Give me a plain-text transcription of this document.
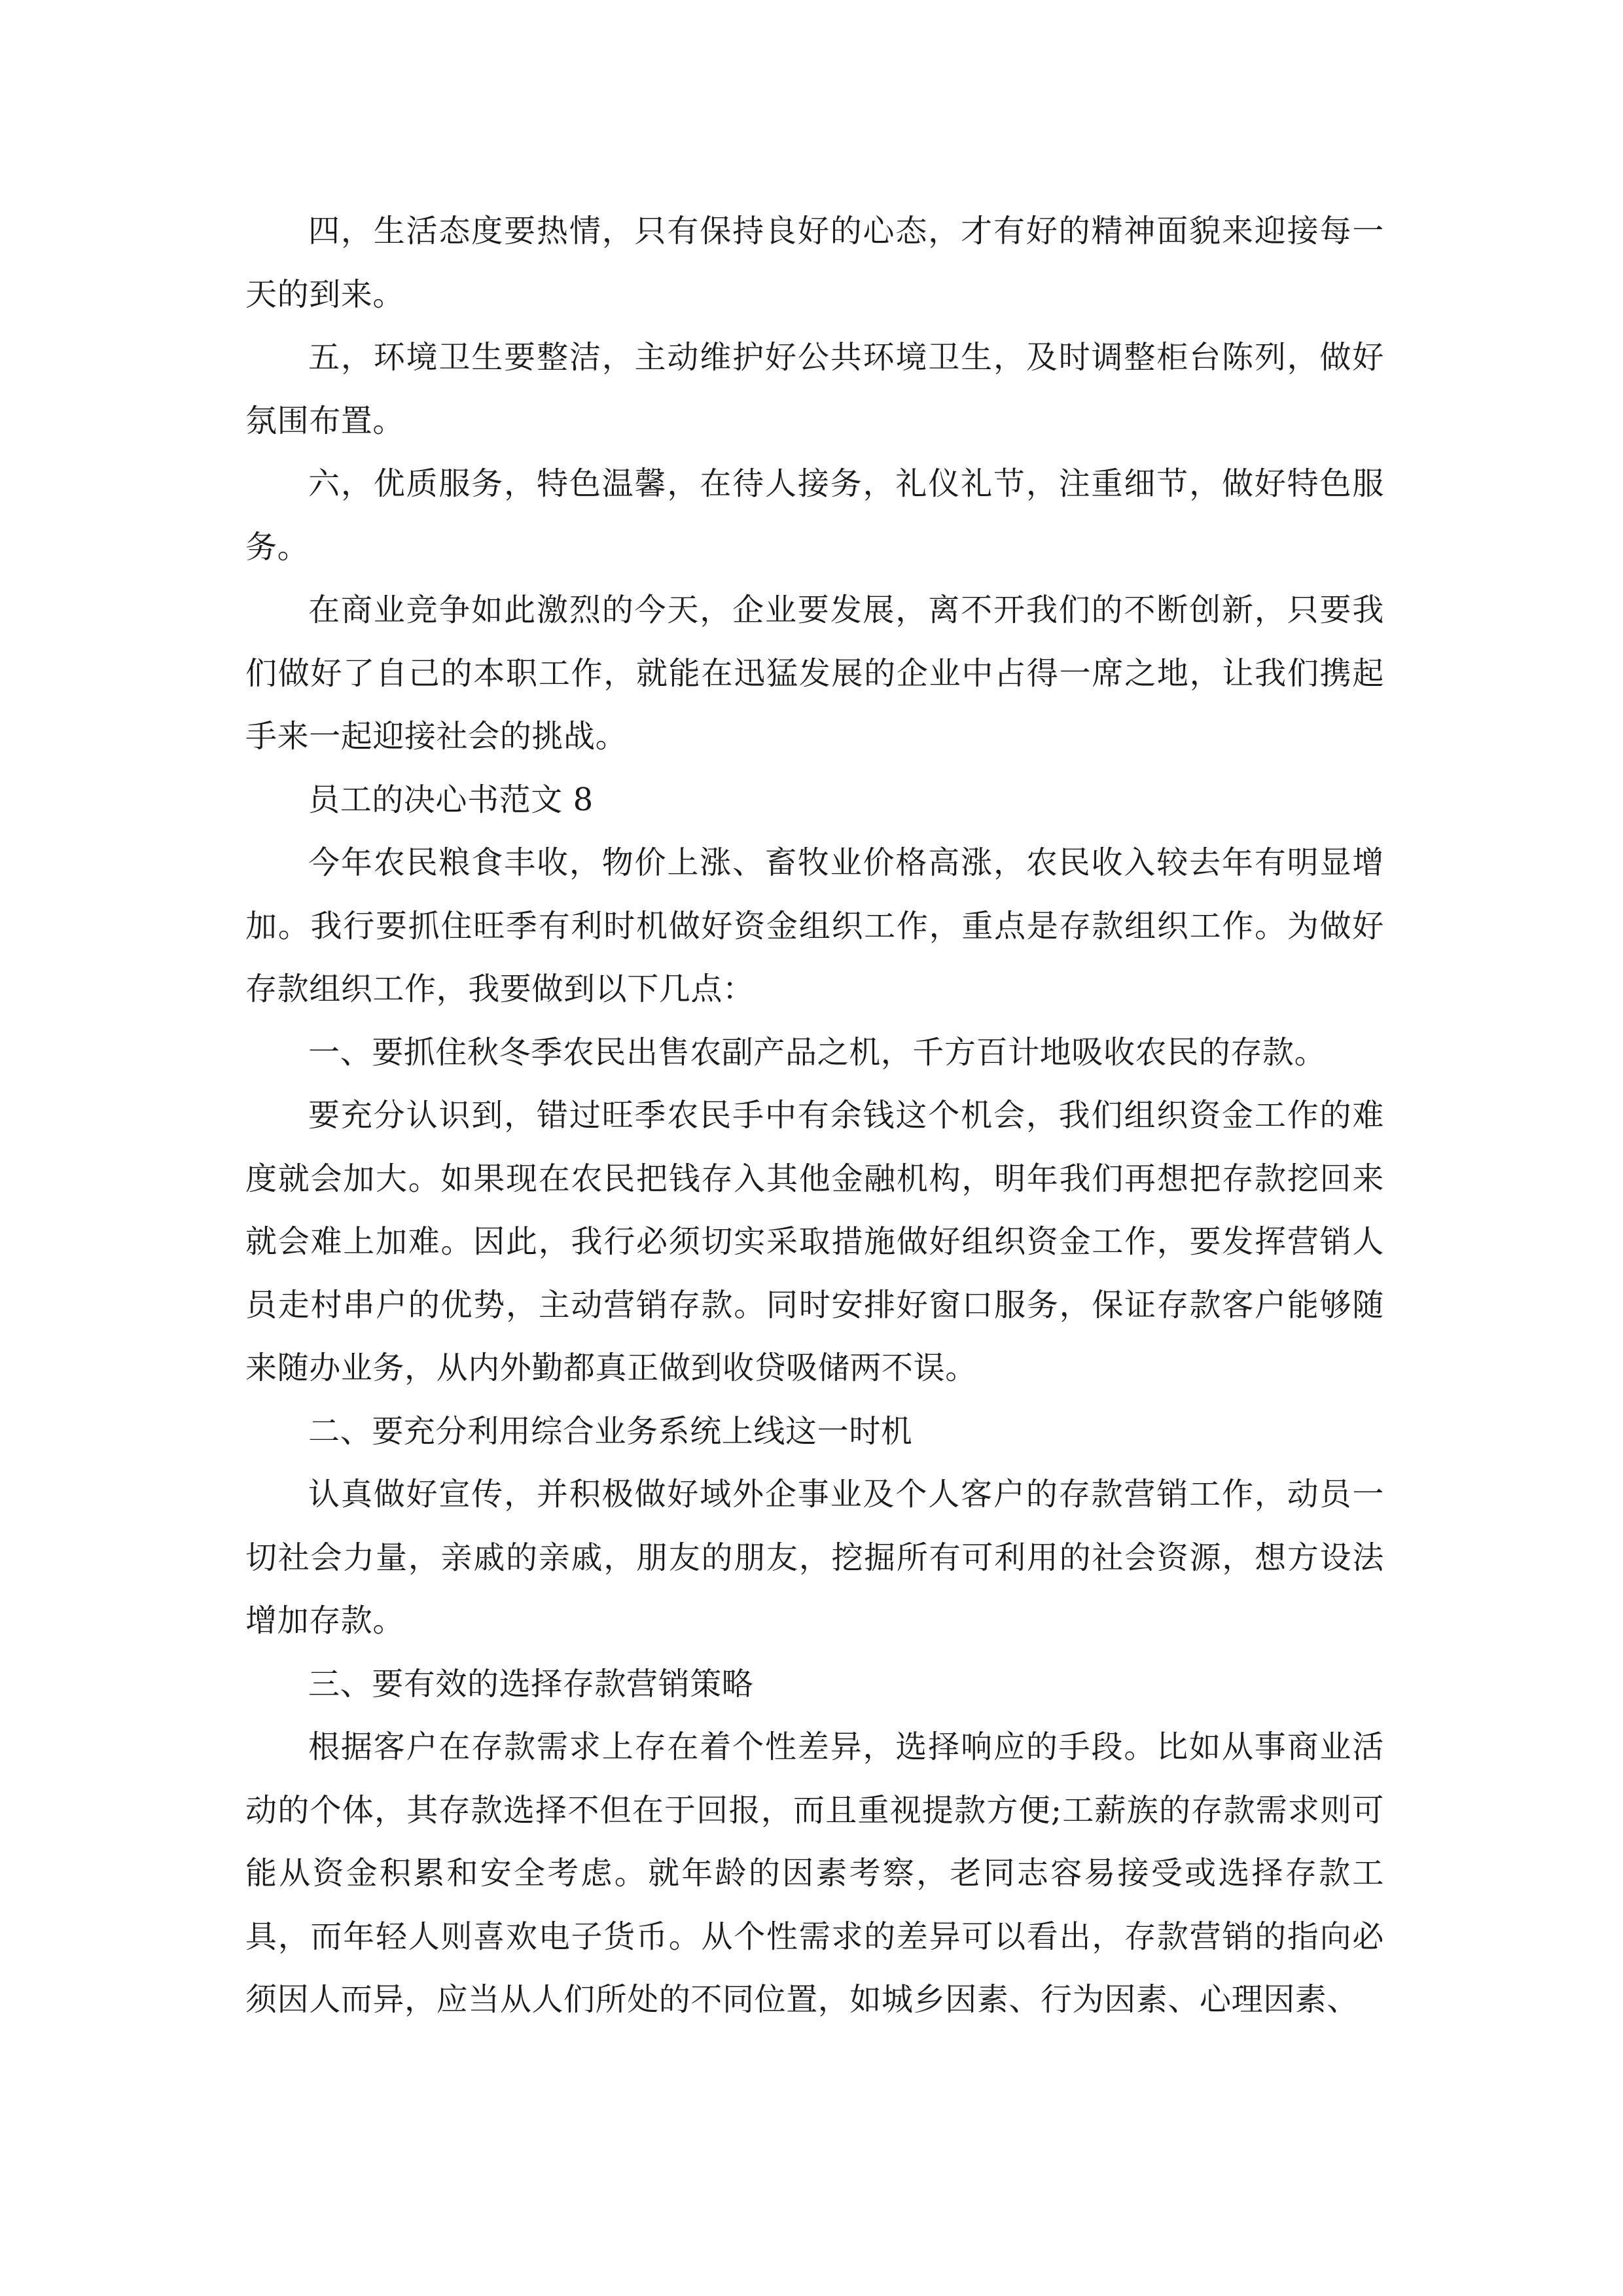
四，生活态度要热情，只有保持良好的心态，才有好的精神面貌来迎接每一天的到来。

五，环境卫生要整洁，主动维护好公共环境卫生，及时调整柜台陈列，做好氛围布置。

六，优质服务，特色温馨，在待人接务，礼仪礼节，注重细节，做好特色服务。

在商业竞争如此激烈的今天，企业要发展，离不开我们的不断创新，只要我们做好了自己的本职工作，就能在迅猛发展的企业中占得一席之地，让我们携起手来一起迎接社会的挑战。

员工的决心书范文 8

今年农民粮食丰收，物价上涨、畜牧业价格高涨，农民收入较去年有明显增加。我行要抓住旺季有利时机做好资金组织工作，重点是存款组织工作。为做好存款组织工作，我要做到以下几点：

一、要抓住秋冬季农民出售农副产品之机，千方百计地吸收农民的存款。

要充分认识到，错过旺季农民手中有余钱这个机会，我们组织资金工作的难度就会加大。如果现在农民把钱存入其他金融机构，明年我们再想把存款挖回来就会难上加难。因此，我行必须切实采取措施做好组织资金工作，要发挥营销人员走村串户的优势，主动营销存款。同时安排好窗口服务，保证存款客户能够随来随办业务，从内外勤都真正做到收贷吸储两不误。

二、要充分利用综合业务系统上线这一时机

认真做好宣传，并积极做好域外企事业及个人客户的存款营销工作，动员一切社会力量，亲戚的亲戚，朋友的朋友，挖掘所有可利用的社会资源，想方设法增加存款。

三、要有效的选择存款营销策略

根据客户在存款需求上存在着个性差异，选择响应的手段。比如从事商业活动的个体，其存款选择不但在于回报，而且重视提款方便;工薪族的存款需求则可能从资金积累和安全考虑。就年龄的因素考察，老同志容易接受或选择存款工具，而年轻人则喜欢电子货币。从个性需求的差异可以看出，存款营销的指向必须因人而异，应当从人们所处的不同位置，如城乡因素、行为因素、心理因素、
